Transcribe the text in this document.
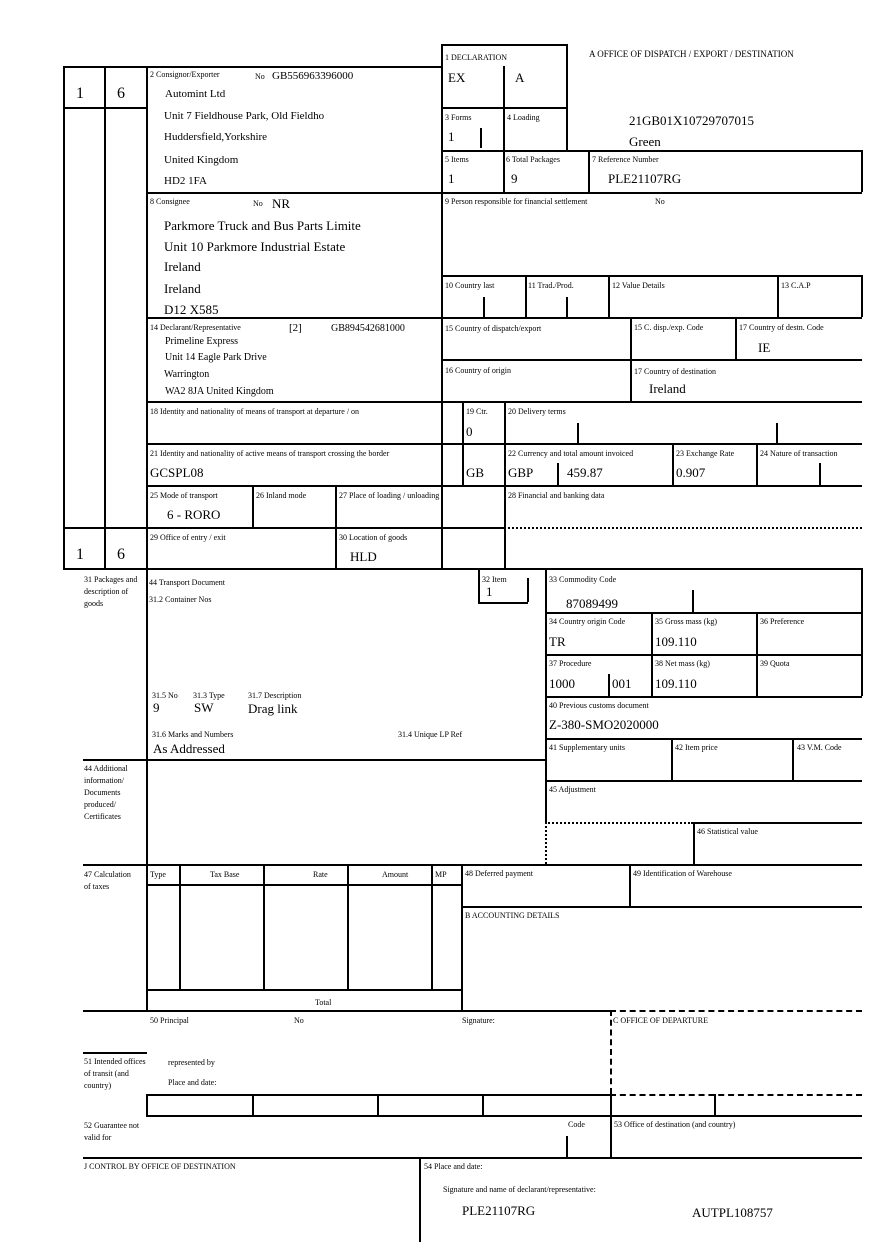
1 6
1 6
A OFFICE OF DISPATCH / EXPORT / DESTINATION
21GB01X10729707015
Green
1 DECLARATION
EX	A
2 Consignor/Exporter	No GB556963396000
Automint Ltd
Unit 7 Fieldhouse Park, Old Fieldho
Huddersfield,Yorkshire
United Kingdom
HD2 1FA
3 Forms
1
4 Loading
5 Items
1
6 Total Packages
9
7 Reference Number
PLE21107RG
8 Consignee	No NR
Parkmore Truck and Bus Parts Limite
Unit 10 Parkmore Industrial Estate
Ireland
Ireland
D12 X585
9 Person responsible for financial settlement	No
10 Country last	11 Trad./Prod.	12 Value Details	13 C.A.P
14 Declarant/Representative	[2]	GB894542681000
Primeline Express
Unit 14 Eagle Park Drive
Warrington
WA2 8JA United Kingdom
15 Country of dispatch/export	15 C. disp./exp. Code	17 Country of destn. Code
IE
16 Country of origin	17 Country of destination
Ireland
18 Identity and nationality of means of transport at departure / on	19 Ctr.
0
20 Delivery terms
21 Identity and nationality of active means of transport crossing the border
GCSPL08	GB
22 Currency and total amount invoiced
GBP	459.87
23 Exchange Rate
0.907
24 Nature of transaction
25 Mode of transport
6 - RORO
26 Inland mode	27 Place of loading / unloading	28 Financial and banking data
29 Office of entry / exit	30 Location of goods
HLD
31 Packages and description of goods
44 Transport Document
31.2 Container Nos
31.5 No
9
31.3 Type
SW
31.7 Description
Drag link
31.6 Marks and Numbers
As Addressed
31.4 Unique LP Ref
32 Item
1
33 Commodity Code
87089499
34 Country origin Code
TR
35 Gross mass (kg)
109.110
36 Preference
37 Procedure
1000	001
38 Net mass (kg)
109.110
39 Quota
40 Previous customs document
Z-380-SMO2020000
41 Supplementary units	42 Item price	43 V.M. Code
44 Additional information/ Documents produced/ Certificates
45 Adjustment
46 Statistical value
47 Calculation of taxes
Type	Tax Base	Rate	Amount	MP
Total
48 Deferred payment	49 Identification of Warehouse
B ACCOUNTING DETAILS
50 Principal	No	Signature:
represented by
Place and date:
C OFFICE OF DEPARTURE
51 Intended offices of transit (and country)
52 Guarantee not valid for
Code	53 Office of destination (and country)
J CONTROL BY OFFICE OF DESTINATION	54 Place and date:
Signature and name of declarant/representative:
PLE21107RG	AUTPL108757
